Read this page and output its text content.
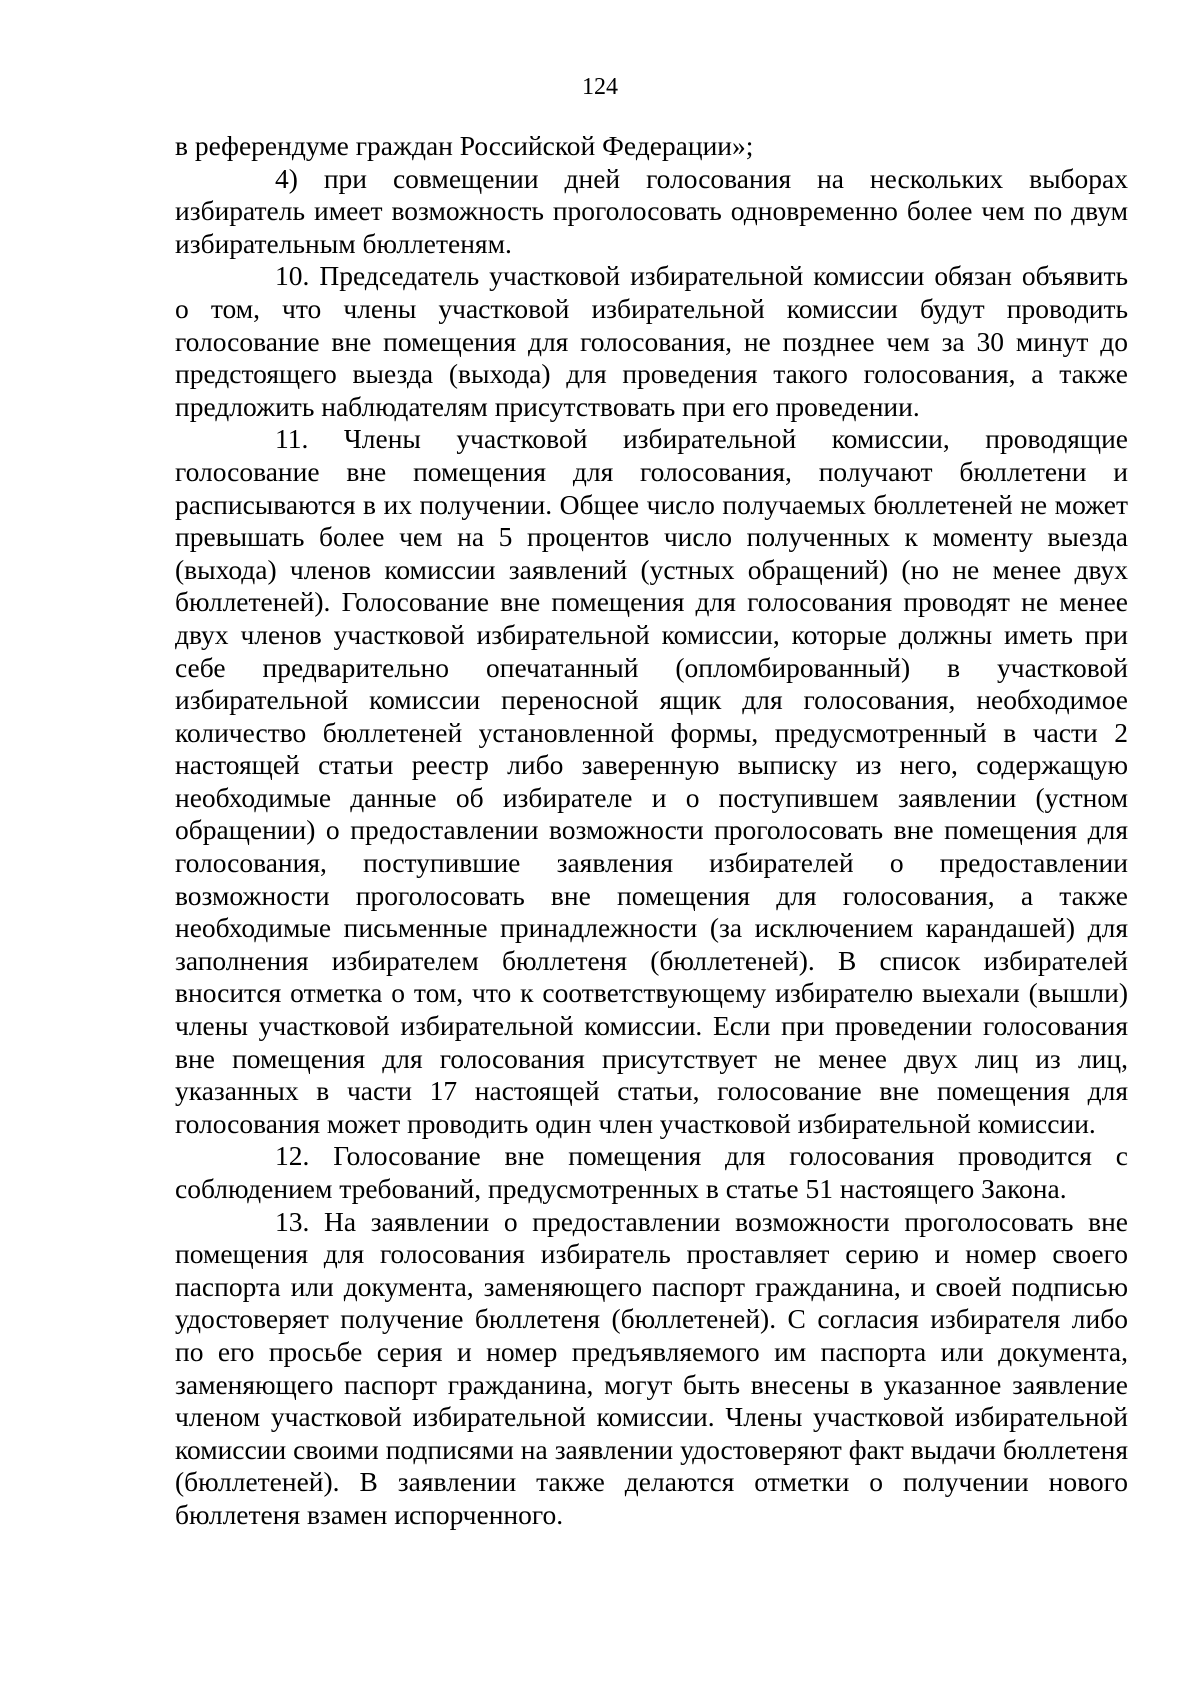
124

в референдуме граждан Российской Федерации»;

4) при совмещении дней голосования на нескольких выборах избиратель имеет возможность проголосовать одновременно более чем по двум избирательным бюллетеням.

10. Председатель участковой избирательной комиссии обязан объявить о том, что члены участковой избирательной комиссии будут проводить голосование вне помещения для голосования, не позднее чем за 30 минут до предстоящего выезда (выхода) для проведения такого голосования, а также предложить наблюдателям присутствовать при его проведении.

11. Члены участковой избирательной комиссии, проводящие голосование вне помещения для голосования, получают бюллетени и расписываются в их получении. Общее число получаемых бюллетеней не может превышать более чем на 5 процентов число полученных к моменту выезда (выхода) членов комиссии заявлений (устных обращений) (но не менее двух бюллетеней). Голосование вне помещения для голосования проводят не менее двух членов участковой избирательной комиссии, которые должны иметь при себе предварительно опечатанный (опломбированный) в участковой избирательной комиссии переносной ящик для голосования, необходимое количество бюллетеней установленной формы, предусмотренный в части 2 настоящей статьи реестр либо заверенную выписку из него, содержащую необходимые данные об избирателе и о поступившем заявлении (устном обращении) о предоставлении возможности проголосовать вне помещения для голосования, поступившие заявления избирателей о предоставлении возможности проголосовать вне помещения для голосования, а также необходимые письменные принадлежности (за исключением карандашей) для заполнения избирателем бюллетеня (бюллетеней). В список избирателей вносится отметка о том, что к соответствующему избирателю выехали (вышли) члены участковой избирательной комиссии. Если при проведении голосования вне помещения для голосования присутствует не менее двух лиц из лиц, указанных в части 17 настоящей статьи, голосование вне помещения для голосования может проводить один член участковой избирательной комиссии.

12. Голосование вне помещения для голосования проводится с соблюдением требований, предусмотренных в статье 51 настоящего Закона.

13. На заявлении о предоставлении возможности проголосовать вне помещения для голосования избиратель проставляет серию и номер своего паспорта или документа, заменяющего паспорт гражданина, и своей подписью удостоверяет получение бюллетеня (бюллетеней). С согласия избирателя либо по его просьбе серия и номер предъявляемого им паспорта или документа, заменяющего паспорт гражданина, могут быть внесены в указанное заявление членом участковой избирательной комиссии. Члены участковой избирательной комиссии своими подписями на заявлении удостоверяют факт выдачи бюллетеня (бюллетеней). В заявлении также делаются отметки о получении нового бюллетеня взамен испорченного.
